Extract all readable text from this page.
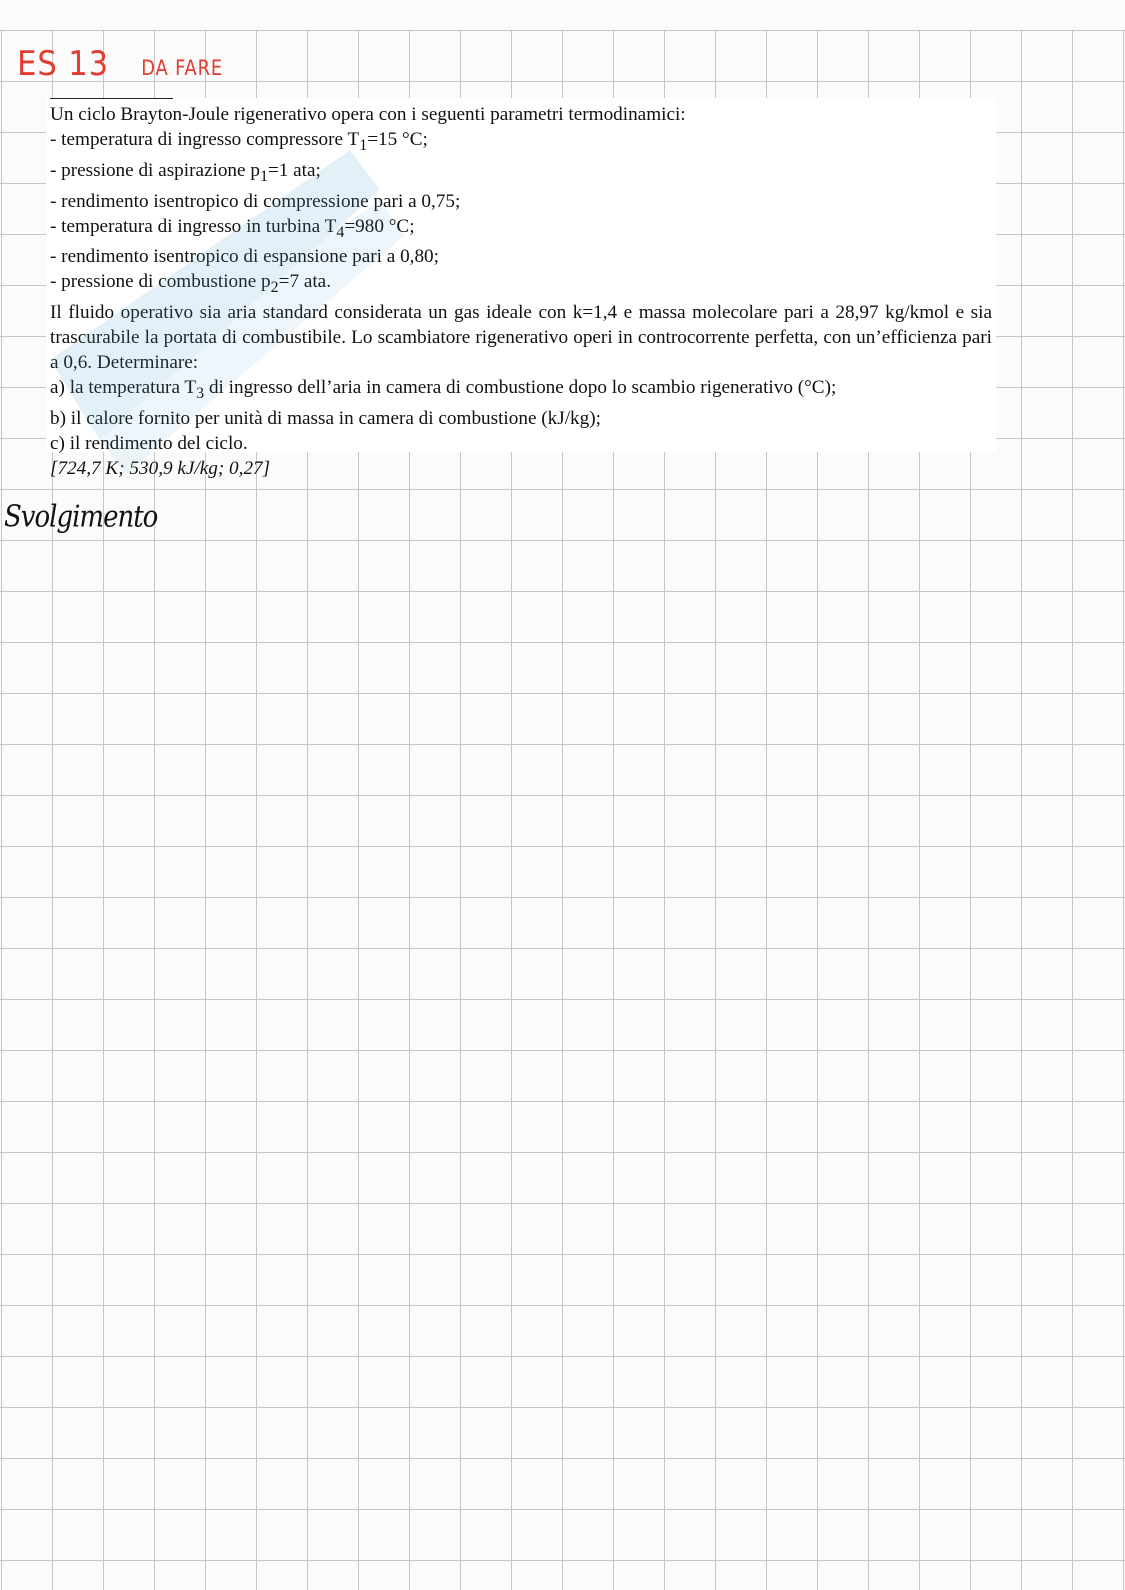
ES 13 DA FARE

Un ciclo Brayton-Joule rigenerativo opera con i seguenti parametri termodinamici:

- temperatura di ingresso compressore $T_1=15$ °C;
- pressione di aspirazione $p_1=1$ ata;
- rendimento isentropico di compressione pari a 0,75;
- temperatura di ingresso in turbina $T_4=980$ °C;
- rendimento isentropico di espansione pari a 0,80;
- pressione di combustione $p_2=7$ ata.

Il fluido operativo sia aria standard considerata un gas ideale con k=1,4 e massa molecolare pari a 28,97 kg/kmol e sia trascurabile la portata di combustibile. Lo scambiatore rigenerativo operi in controcorrente perfetta, con un’efficienza pari a 0,6. Determinare:

a) la temperatura $T_3$ di ingresso dell’aria in camera di combustione dopo lo scambio rigenerativo (°C);

b) il calore fornito per unità di massa in camera di combustione (kJ/kg);

c) il rendimento del ciclo.

[724,7 K; 530,9 kJ/kg; 0,27]

Svolgimento
